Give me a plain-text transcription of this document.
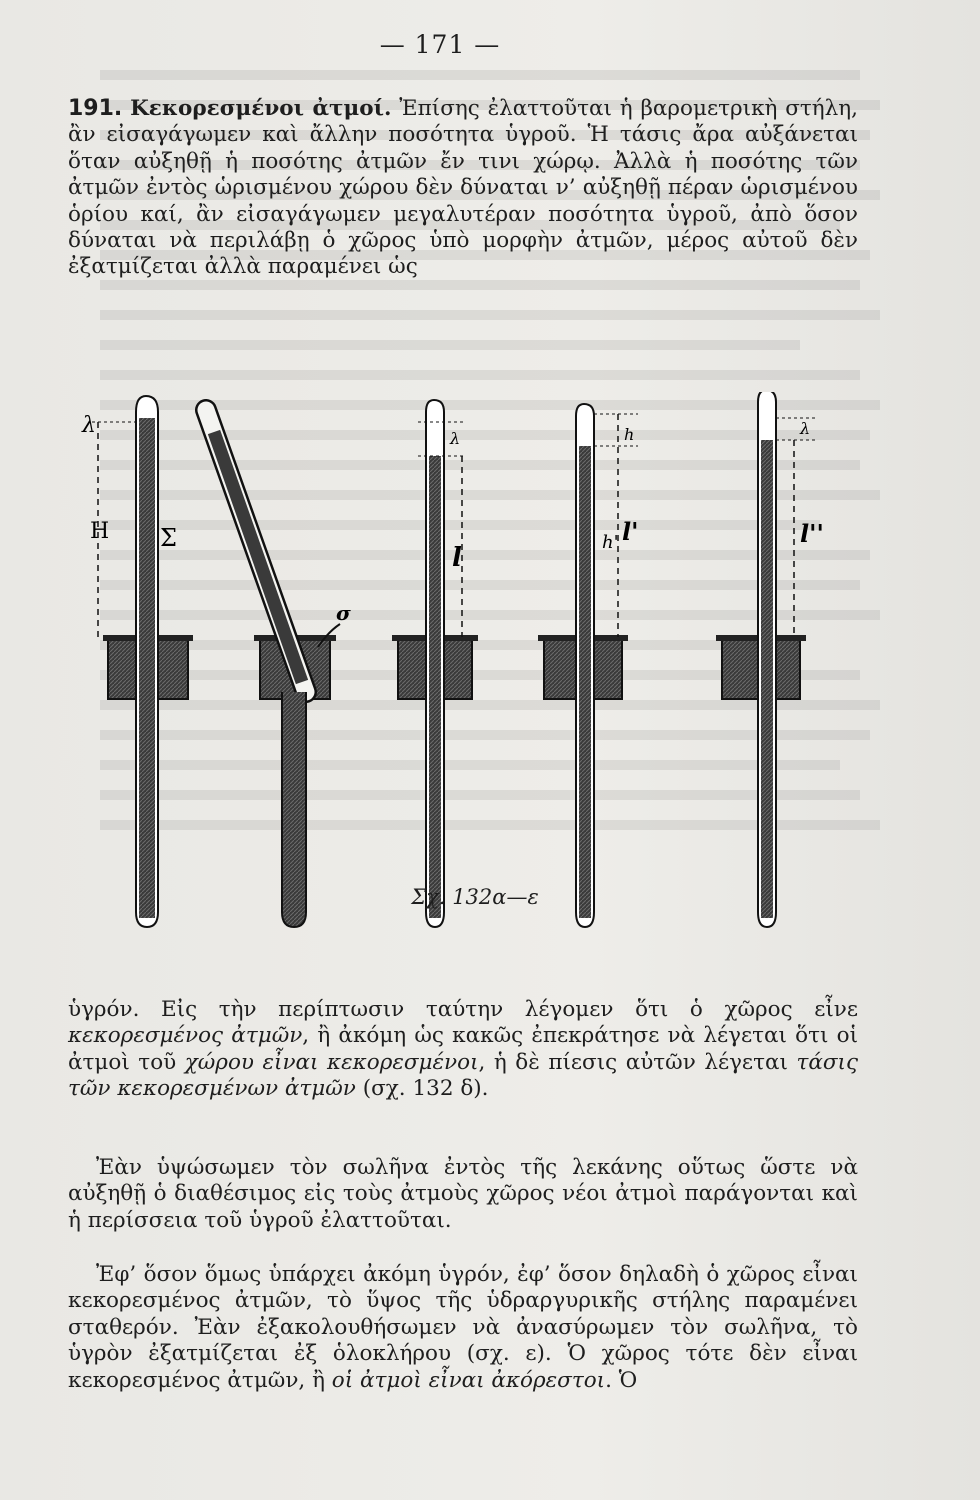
— 171 —

191. Κεκορεσμένοι ἀτμοί. Ἐπίσης ἐλαττοῦται ἡ βαρομετρικὴ στήλη, ἂν εἰσαγάγωμεν καὶ ἄλλην ποσότητα ὑγροῦ. Ἡ τάσις ἄρα αὐξάνεται ὅταν αὐξηθῇ ἡ ποσότης ἀτμῶν ἔν τινι χώρῳ. Ἀλλὰ ἡ ποσότης τῶν ἀτμῶν ἐντὸς ὡρισμένου χώρου δὲν δύναται ν’ αὐξηθῇ πέραν ὡρισμένου ὁρίου καί, ἂν εἰσαγάγωμεν μεγαλυτέραν ποσότητα ὑγροῦ, ἀπὸ ὅσον δύναται νὰ περιλάβῃ ὁ χῶρος ὑπὸ μορφὴν ἀτμῶν, μέρος αὐτοῦ δὲν ἐξατμίζεται ἀλλὰ παραμένει ὡς

λ
Η Σ
σ
λ
l
h
h' l'
λ
l''
Σχ. 132α—ε

ὑγρόν. Εἰς τὴν περίπτωσιν ταύτην λέγομεν ὅτι ὁ χῶρος εἶνε κεκορεσμένος ἀτμῶν, ἢ ἀκόμη ὡς κακῶς ἐπεκράτησε νὰ λέγεται ὅτι οἱ ἀτμοὶ τοῦ χώρου εἶναι κεκορεσμένοι, ἡ δὲ πίεσις αὐτῶν λέγεται τάσις τῶν κεκορεσμένων ἀτμῶν (σχ. 132 δ).

Ἐὰν ὑψώσωμεν τὸν σωλῆνα ἐντὸς τῆς λεκάνης οὕτως ὥστε νὰ αὐξηθῇ ὁ διαθέσιμος εἰς τοὺς ἀτμοὺς χῶρος νέοι ἀτμοὶ παράγονται καὶ ἡ περίσσεια τοῦ ὑγροῦ ἐλαττοῦται.

Ἐφ’ ὅσον ὅμως ὑπάρχει ἀκόμη ὑγρόν, ἐφ’ ὅσον δηλαδὴ ὁ χῶρος εἶναι κεκορεσμένος ἀτμῶν, τὸ ὕψος τῆς ὑδραργυρικῆς στήλης παραμένει σταθερόν. Ἐὰν ἐξακολουθήσωμεν νὰ ἀνασύρωμεν τὸν σωλῆνα, τὸ ὑγρὸν ἐξατμίζεται ἐξ ὁλοκλήρου (σχ. ε). Ὁ χῶρος τότε δὲν εἶναι κεκορεσμένος ἀτμῶν, ἢ οἱ ἀτμοὶ εἶναι ἀκόρεστοι. Ὁ
